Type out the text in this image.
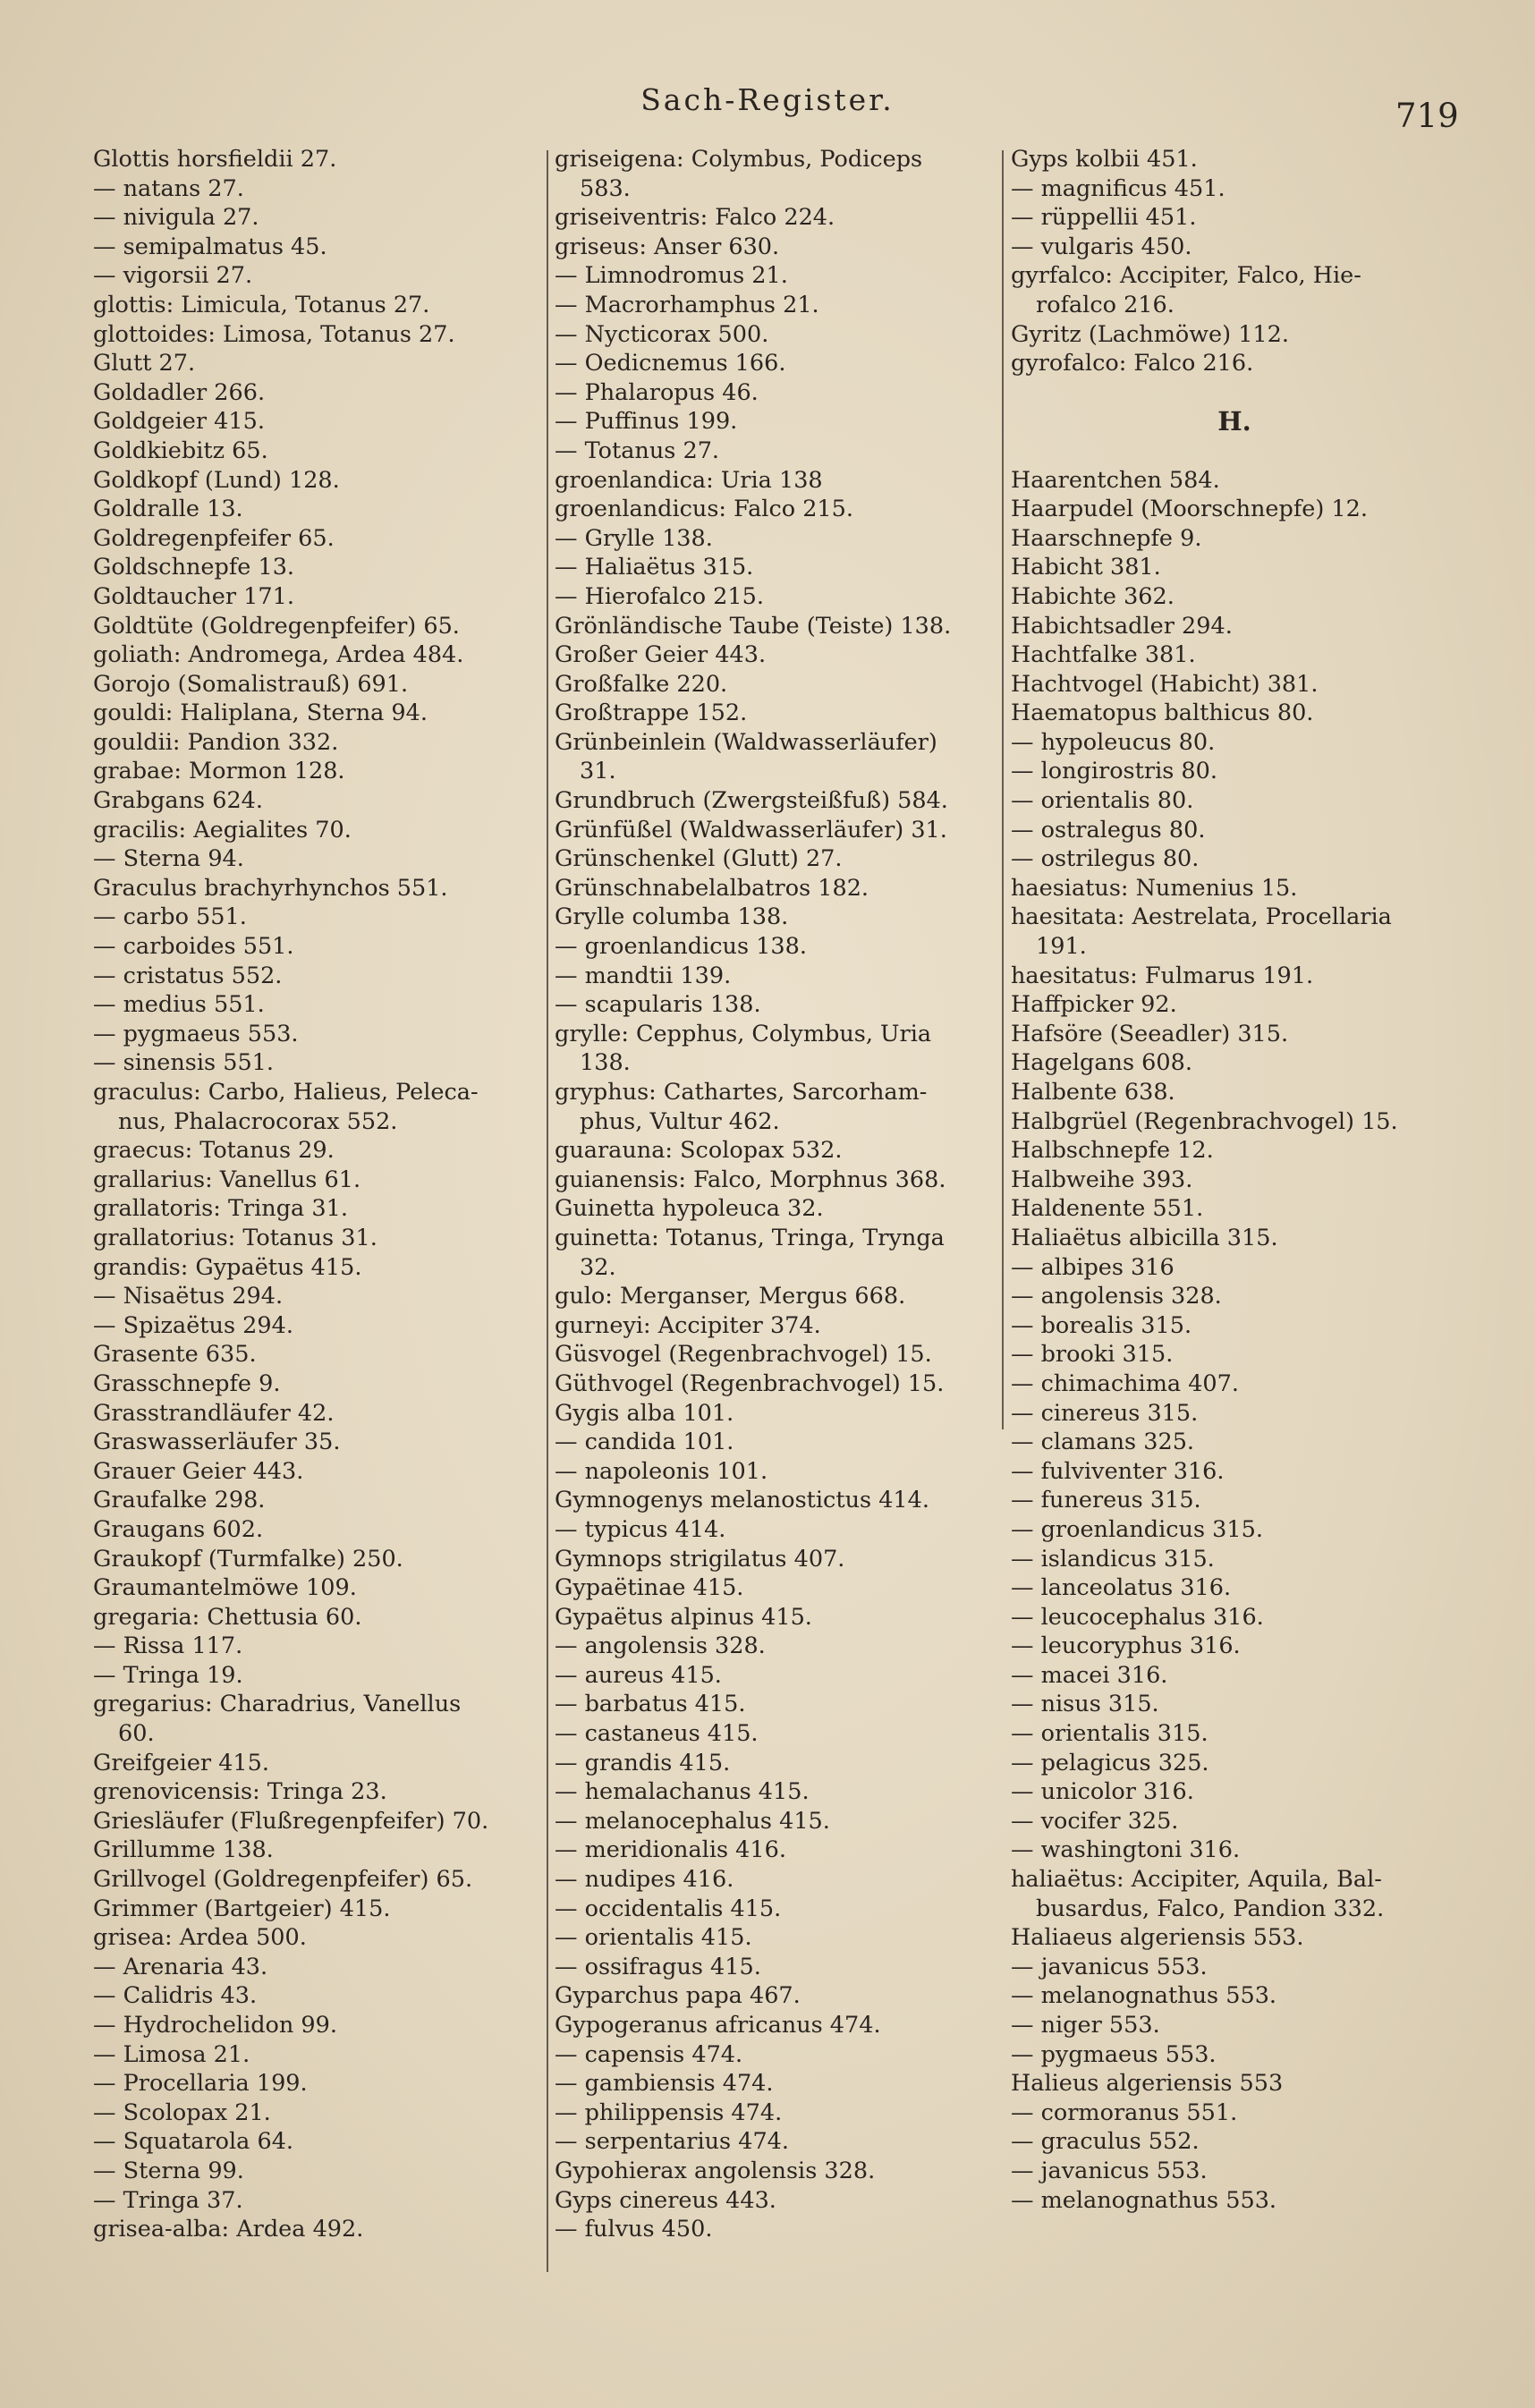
Sach-Register.	719
Glottis horsfieldii 27.
— natans 27.
— nivigula 27.
— semipalmatus 45.
— vigorsii 27.
glottis: Limicula, Totanus 27.
glottoides: Limosa, Totanus 27.
Glutt 27.
Goldadler 266.
Goldgeier 415.
Goldkiebitz 65.
Goldkopf (Lund) 128.
Goldralle 13.
Goldregenpfeifer 65.
Goldschnepfe 13.
Goldtaucher 171.
Goldtüte (Goldregenpfeifer) 65.
goliath: Andromega, Ardea 484.
Gorojo (Somalistrauß) 691.
gouldi: Haliplana, Sterna 94.
gouldii: Pandion 332.
grabae: Mormon 128.
Grabgans 624.
gracilis: Aegialites 70.
— Sterna 94.
Graculus brachyrhynchos 551.
— carbo 551.
— carboides 551.
— cristatus 552.
— medius 551.
— pygmaeus 553.
— sinensis 551.
graculus: Carbo, Halieus, Peleca-
nus, Phalacrocorax 552.
graecus: Totanus 29.
grallarius: Vanellus 61.
grallatoris: Tringa 31.
grallatorius: Totanus 31.
grandis: Gypaëtus 415.
— Nisaëtus 294.
— Spizaëtus 294.
Grasente 635.
Grasschnepfe 9.
Grasstrandläufer 42.
Graswasserläufer 35.
Grauer Geier 443.
Graufalke 298.
Graugans 602.
Graukopf (Turmfalke) 250.
Graumantelmöwe 109.
gregaria: Chettusia 60.
— Rissa 117.
— Tringa 19.
gregarius: Charadrius, Vanellus
60.
Greifgeier 415.
grenovicensis: Tringa 23.
Griesläufer (Flußregenpfeifer) 70.
Grillumme 138.
Grillvogel (Goldregenpfeifer) 65.
Grimmer (Bartgeier) 415.
grisea: Ardea 500.
— Arenaria 43.
— Calidris 43.
— Hydrochelidon 99.
— Limosa 21.
— Procellaria 199.
— Scolopax 21.
— Squatarola 64.
— Sterna 99.
— Tringa 37.
grisea-alba: Ardea 492.
griseigena: Colymbus, Podiceps
583.
griseiventris: Falco 224.
griseus: Anser 630.
— Limnodromus 21.
— Macrorhamphus 21.
— Nycticorax 500.
— Oedicnemus 166.
— Phalaropus 46.
— Puffinus 199.
— Totanus 27.
groenlandica: Uria 138
groenlandicus: Falco 215.
— Grylle 138.
— Haliaëtus 315.
— Hierofalco 215.
Grönländische Taube (Teiste) 138.
Großer Geier 443.
Großfalke 220.
Großtrappe 152.
Grünbeinlein (Waldwasserläufer)
31.
Grundbruch (Zwergsteißfuß) 584.
Grünfüßel (Waldwasserläufer) 31.
Grünschenkel (Glutt) 27.
Grünschnabelalbatros 182.
Grylle columba 138.
— groenlandicus 138.
— mandtii 139.
— scapularis 138.
grylle: Cepphus, Colymbus, Uria
138.
gryphus: Cathartes, Sarcorham-
phus, Vultur 462.
guarauna: Scolopax 532.
guianensis: Falco, Morphnus 368.
Guinetta hypoleuca 32.
guinetta: Totanus, Tringa, Trynga
32.
gulo: Merganser, Mergus 668.
gurneyi: Accipiter 374.
Güsvogel (Regenbrachvogel) 15.
Güthvogel (Regenbrachvogel) 15.
Gygis alba 101.
— candida 101.
— napoleonis 101.
Gymnogenys melanostictus 414.
— typicus 414.
Gymnops strigilatus 407.
Gypaëtinae 415.
Gypaëtus alpinus 415.
— angolensis 328.
— aureus 415.
— barbatus 415.
— castaneus 415.
— grandis 415.
— hemalachanus 415.
— melanocephalus 415.
— meridionalis 416.
— nudipes 416.
— occidentalis 415.
— orientalis 415.
— ossifragus 415.
Gyparchus papa 467.
Gypogeranus africanus 474.
— capensis 474.
— gambiensis 474.
— philippensis 474.
— serpentarius 474.
Gypohierax angolensis 328.
Gyps cinereus 443.
— fulvus 450.
Gyps kolbii 451.
— magnificus 451.
— rüppellii 451.
— vulgaris 450.
gyrfalco: Accipiter, Falco, Hie-
rofalco 216.
Gyritz (Lachmöwe) 112.
gyrofalco: Falco 216.

H.

Haarentchen 584.
Haarpudel (Moorschnepfe) 12.
Haarschnepfe 9.
Habicht 381.
Habichte 362.
Habichtsadler 294.
Hachtfalke 381.
Hachtvogel (Habicht) 381.
Haematopus balthicus 80.
— hypoleucus 80.
— longirostris 80.
— orientalis 80.
— ostralegus 80.
— ostrilegus 80.
haesiatus: Numenius 15.
haesitata: Aestrelata, Procellaria
191.
haesitatus: Fulmarus 191.
Haffpicker 92.
Hafsöre (Seeadler) 315.
Hagelgans 608.
Halbente 638.
Halbgrüel (Regenbrachvogel) 15.
Halbschnepfe 12.
Halbweihe 393.
Haldenente 551.
Haliaëtus albicilla 315.
— albipes 316
— angolensis 328.
— borealis 315.
— brooki 315.
— chimachima 407.
— cinereus 315.
— clamans 325.
— fulviventer 316.
— funereus 315.
— groenlandicus 315.
— islandicus 315.
— lanceolatus 316.
— leucocephalus 316.
— leucoryphus 316.
— macei 316.
— nisus 315.
— orientalis 315.
— pelagicus 325.
— unicolor 316.
— vocifer 325.
— washingtoni 316.
haliaëtus: Accipiter, Aquila, Bal-
busardus, Falco, Pandion 332.
Haliaeus algeriensis 553.
— javanicus 553.
— melanognathus 553.
— niger 553.
— pygmaeus 553.
Halieus algeriensis 553
— cormoranus 551.
— graculus 552.
— javanicus 553.
— melanognathus 553.
